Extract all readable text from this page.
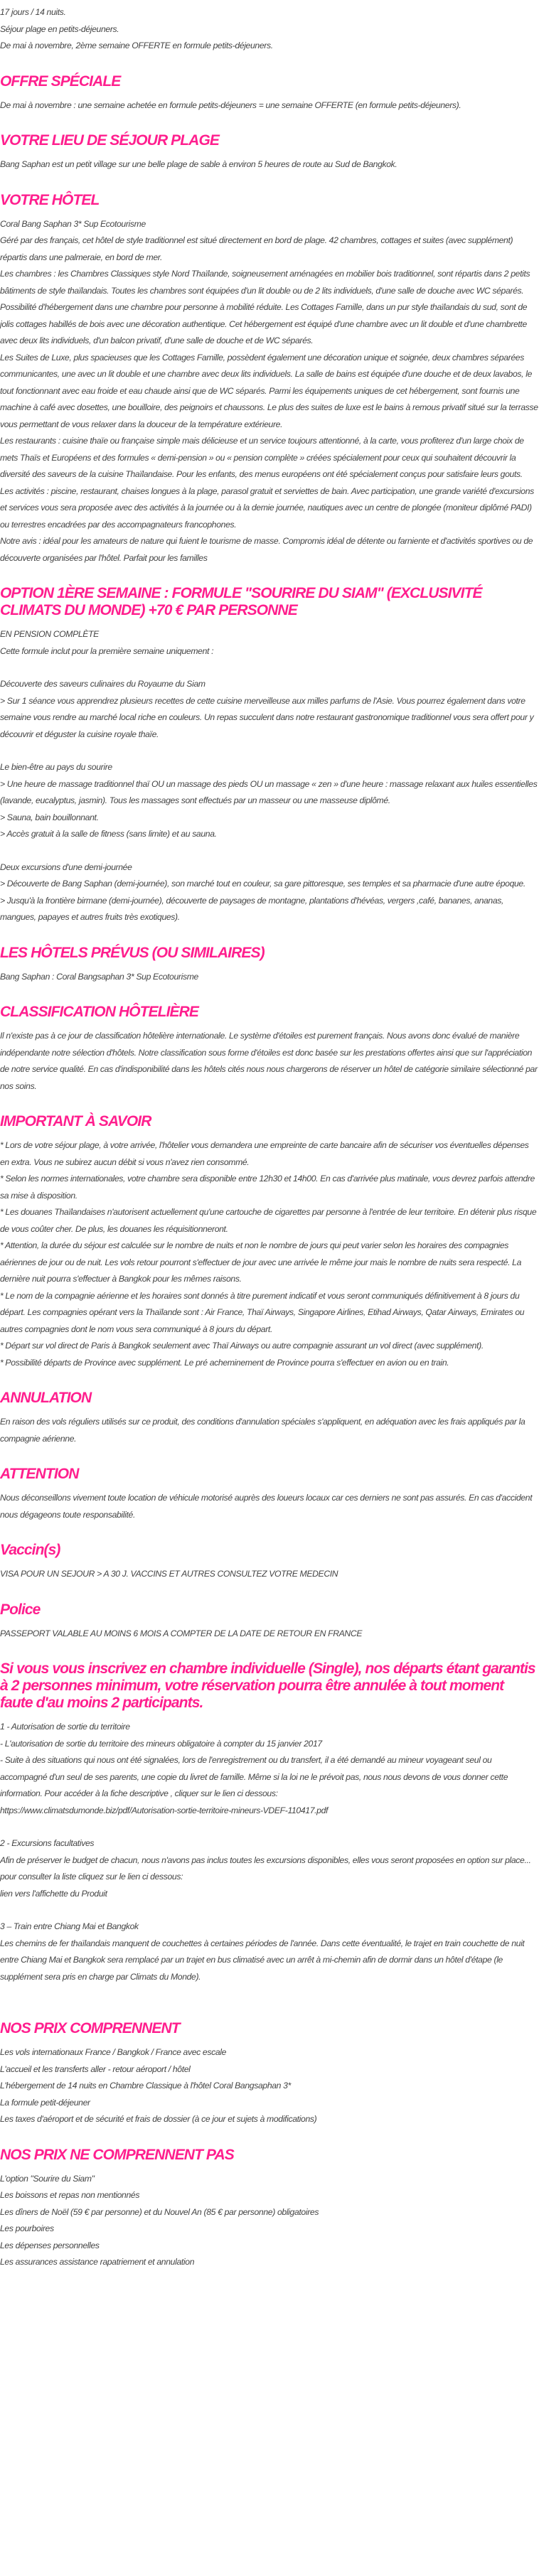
17 jours / 14 nuits.

Séjour plage en petits-déjeuners.

De mai à novembre, 2ème semaine OFFERTE en formule petits-déjeuners.

OFFRE SPÉCIALE

De mai à novembre : une semaine achetée en formule petits-déjeuners = une semaine OFFERTE (en formule petits-déjeuners).

VOTRE LIEU DE SÉJOUR PLAGE

Bang Saphan est un petit village sur une belle plage de sable à environ 5 heures de route au Sud de Bangkok.

VOTRE HÔTEL

Coral Bang Saphan 3* Sup Ecotourisme

Géré par des français, cet hôtel de style traditionnel est situé directement en bord de plage. 42 chambres, cottages et suites (avec supplément) répartis dans une palmeraie, en bord de mer.

Les chambres : les Chambres Classiques style Nord Thaïlande, soigneusement aménagées en mobilier bois traditionnel, sont répartis dans 2 petits bâtiments de style thaïlandais. Toutes les chambres sont équipées d'un lit double ou de 2 lits individuels, d'une salle de douche avec WC séparés. Possibilité d'hébergement dans une chambre pour personne à mobilité réduite. Les Cottages Famille, dans un pur style thaïlandais du sud, sont de jolis cottages habillés de bois avec une décoration authentique. Cet hébergement est équipé d'une chambre avec un lit double et d'une chambrette avec deux lits individuels, d'un balcon privatif, d'une salle de douche et de WC séparés.

Les Suites de Luxe, plus spacieuses que les Cottages Famille, possèdent également une décoration unique et soignée, deux chambres séparées communicantes, une avec un lit double et une chambre avec deux lits individuels. La salle de bains est équipée d'une douche et de deux lavabos, le tout fonctionnant avec eau froide et eau chaude ainsi que de WC séparés. Parmi les équipements uniques de cet hébergement, sont fournis une machine à café avec dosettes, une bouilloire, des peignoirs et chaussons. Le plus des suites de luxe est le bains à remous privatif situé sur la terrasse vous permettant de vous relaxer dans la douceur de la température extérieure.

Les restaurants : cuisine thaïe ou française simple mais délicieuse et un service toujours attentionné, à la carte, vous profiterez d'un large choix de mets Thaïs et Européens et des formules « demi-pension » ou « pension complète » créées spécialement pour ceux qui souhaitent découvrir la diversité des saveurs de la cuisine Thaïlandaise. Pour les enfants, des menus européens ont été spécialement conçus pour satisfaire leurs gouts.

Les activités : piscine, restaurant, chaises longues à la plage, parasol gratuit et serviettes de bain. Avec participation, une grande variété d'excursions et services vous sera proposée avec des activités à la journée ou à la demie journée, nautiques avec un centre de plongée (moniteur diplômé PADI) ou terrestres encadrées par des accompagnateurs francophones.

Notre avis : idéal pour les amateurs de nature qui fuient le tourisme de masse. Compromis idéal de détente ou farniente et d'activités sportives ou de découverte organisées par l'hôtel. Parfait pour les familles

OPTION 1ÈRE SEMAINE : FORMULE "SOURIRE DU SIAM" (EXCLUSIVITÉ CLIMATS DU MONDE) +70 € PAR PERSONNE

EN PENSION COMPLÈTE

Cette formule inclut pour la première semaine uniquement :

Découverte des saveurs culinaires du Royaume du Siam

> Sur 1 séance vous apprendrez plusieurs recettes de cette cuisine merveilleuse aux milles parfums de l'Asie. Vous pourrez également dans votre semaine vous rendre au marché local riche en couleurs. Un repas succulent dans notre restaurant gastronomique traditionnel vous sera offert pour y découvrir et déguster la cuisine royale thaïe.

Le bien-être au pays du sourire

> Une heure de massage traditionnel thaï OU un massage des pieds OU un massage « zen » d'une heure : massage relaxant aux huiles essentielles (lavande, eucalyptus, jasmin). Tous les massages sont effectués par un masseur ou une masseuse diplômé.

> Sauna, bain bouillonnant.

> Accès gratuit à la salle de fitness (sans limite) et au sauna.

Deux excursions d'une demi-journée

> Découverte de Bang Saphan (demi-journée), son marché tout en couleur, sa gare pittoresque, ses temples et sa pharmacie d'une autre époque.

> Jusqu'à la frontière birmane (demi-journée), découverte de paysages de montagne, plantations d'hévéas, vergers ,café, bananes, ananas, mangues, papayes et autres fruits très exotiques).

LES HÔTELS PRÉVUS (OU SIMILAIRES)

Bang Saphan : Coral Bangsaphan 3* Sup Ecotourisme

CLASSIFICATION HÔTELIÈRE

Il n'existe pas à ce jour de classification hôtelière internationale. Le système d'étoiles est purement français. Nous avons donc évalué de manière indépendante notre sélection d'hôtels. Notre classification sous forme d'étoiles est donc basée sur les prestations offertes ainsi que sur l'appréciation de notre service qualité. En cas d'indisponibilité dans les hôtels cités nous nous chargerons de réserver un hôtel de catégorie similaire sélectionné par nos soins.

IMPORTANT À SAVOIR

* Lors de votre séjour plage, à votre arrivée, l'hôtelier vous demandera une empreinte de carte bancaire afin de sécuriser vos éventuelles dépenses en extra. Vous ne subirez aucun débit si vous n'avez rien consommé.

* Selon les normes internationales, votre chambre sera disponible entre 12h30 et 14h00. En cas d'arrivée plus matinale, vous devrez parfois attendre sa mise à disposition.

* Les douanes Thaïlandaises n'autorisent actuellement qu'une cartouche de cigarettes par personne à l'entrée de leur territoire. En détenir plus risque de vous coûter cher. De plus, les douanes les réquisitionneront.

* Attention, la durée du séjour est calculée sur le nombre de nuits et non le nombre de jours qui peut varier selon les horaires des compagnies aériennes de jour ou de nuit. Les vols retour pourront s'effectuer de jour avec une arrivée le même jour mais le nombre de nuits sera respecté. La dernière nuit pourra s'effectuer à Bangkok pour les mêmes raisons.

* Le nom de la compagnie aérienne et les horaires sont donnés à titre purement indicatif et vous seront communiqués définitivement à 8 jours du départ. Les compagnies opérant vers la Thaïlande sont : Air France, Thaï Airways, Singapore Airlines, Etihad Airways, Qatar Airways, Emirates ou autres compagnies dont le nom vous sera communiqué à 8 jours du départ.

* Départ sur vol direct de Paris à Bangkok seulement avec Thaï Airways ou autre compagnie assurant un vol direct (avec supplément).

* Possibilité départs de Province avec supplément. Le pré acheminement de Province pourra s'effectuer en avion ou en train.

ANNULATION

En raison des vols réguliers utilisés sur ce produit, des conditions d'annulation spéciales s'appliquent, en adéquation avec les frais appliqués par la compagnie aérienne.

ATTENTION

Nous déconseillons vivement toute location de véhicule motorisé auprès des loueurs locaux car ces derniers ne sont pas assurés. En cas d'accident nous dégageons toute responsabilité.

Vaccin(s)

VISA POUR UN SEJOUR > A 30 J. VACCINS ET AUTRES CONSULTEZ VOTRE MEDECIN

Police

PASSEPORT VALABLE AU MOINS 6 MOIS A COMPTER DE LA DATE DE RETOUR EN FRANCE

Si vous vous inscrivez en chambre individuelle (Single), nos départs étant garantis à 2 personnes minimum, votre réservation pourra être annulée à tout moment faute d'au moins 2 participants.

1 - Autorisation de sortie du territoire

- L'autorisation de sortie du territoire des mineurs obligatoire à compter du 15 janvier 2017

- Suite à des situations qui nous ont été signalées, lors de l'enregistrement ou du transfert, il a été demandé au mineur voyageant seul ou accompagné d'un seul de ses parents, une copie du livret de famille. Même si la loi ne le prévoit pas, nous nous devons de vous donner cette information. Pour accéder à la fiche descriptive , cliquer sur le lien ci dessous:

https://www.climatsdumonde.biz/pdf/Autorisation-sortie-territoire-mineurs-VDEF-110417.pdf

2 - Excursions facultatives

Afin de préserver le budget de chacun, nous n'avons pas inclus toutes les excursions disponibles, elles vous seront proposées en option sur place... pour consulter la liste cliquez sur le lien ci dessous:

lien vers l'affichette du Produit

3 – Train entre Chiang Mai et Bangkok

Les chemins de fer thaïlandais manquent de couchettes à certaines périodes de l'année. Dans cette éventualité, le trajet en train couchette de nuit entre Chiang Mai et Bangkok sera remplacé par un trajet en bus climatisé avec un arrêt à mi-chemin afin de dormir dans un hôtel d'étape (le supplément sera pris en charge par Climats du Monde).

NOS PRIX COMPRENNENT

Les vols internationaux France / Bangkok / France avec escale

L'accueil et les transferts aller - retour aéroport / hôtel

L'hébergement de 14 nuits en Chambre Classique à l'hôtel Coral Bangsaphan 3*

La formule petit-déjeuner

Les taxes d'aéroport et de sécurité et frais de dossier (à ce jour et sujets à modifications)

NOS PRIX NE COMPRENNENT PAS

L'option "Sourire du Siam"

Les boissons et repas non mentionnés

Les dîners de Noël (59 € par personne) et du Nouvel An (85 € par personne) obligatoires

Les pourboires

Les dépenses personnelles

Les assurances assistance rapatriement et annulation
